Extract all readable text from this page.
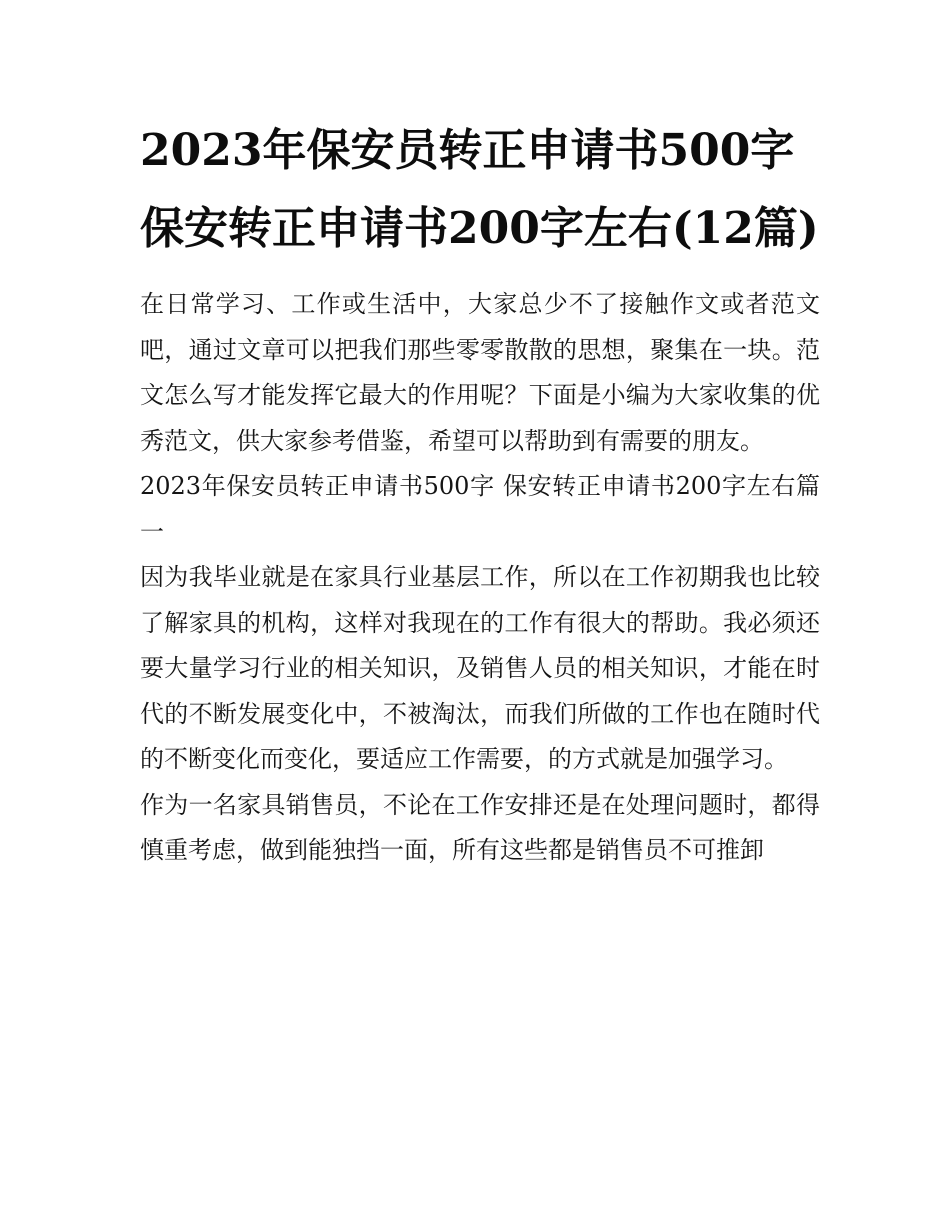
2023年保安员转正申请书500字 保安转正申请书200字左右(12篇)

在日常学习、工作或生活中，大家总少不了接触作文或者范文吧，通过文章可以把我们那些零零散散的思想，聚集在一块。范文怎么写才能发挥它最大的作用呢？下面是小编为大家收集的优秀范文，供大家参考借鉴，希望可以帮助到有需要的朋友。

2023年保安员转正申请书500字 保安转正申请书200字左右篇一

因为我毕业就是在家具行业基层工作，所以在工作初期我也比较了解家具的机构，这样对我现在的工作有很大的帮助。我必须还要大量学习行业的相关知识，及销售人员的相关知识，才能在时代的不断发展变化中，不被淘汰，而我们所做的工作也在随时代的不断变化而变化，要适应工作需要，的方式就是加强学习。

作为一名家具销售员，不论在工作安排还是在处理问题时，都得慎重考虑，做到能独挡一面，所有这些都是销售员不可推卸
